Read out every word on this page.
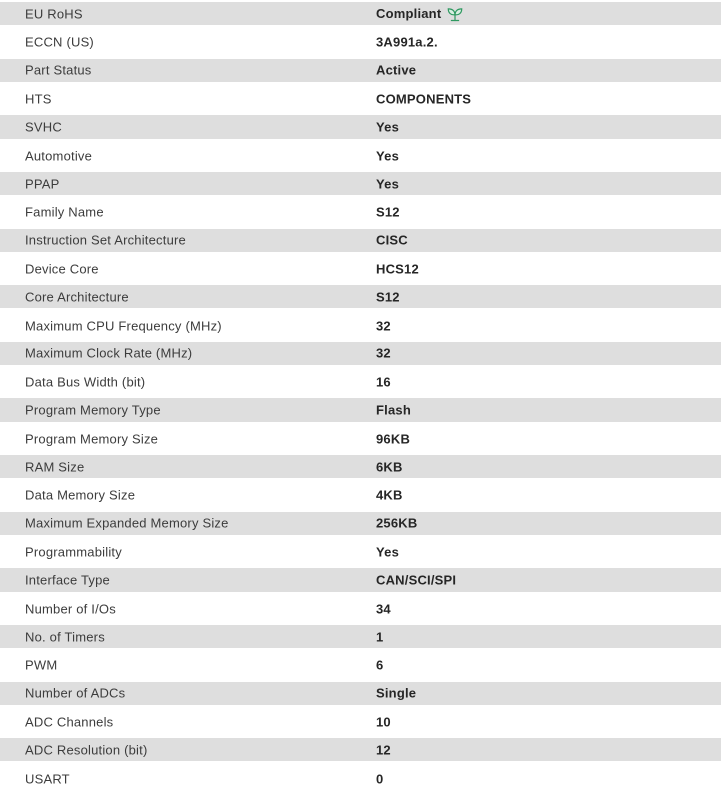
EU RoHS	Compliant
ECCN (US)	3A991a.2.
Part Status	Active
HTS	COMPONENTS
SVHC	Yes
Automotive	Yes
PPAP	Yes
Family Name	S12
Instruction Set Architecture	CISC
Device Core	HCS12
Core Architecture	S12
Maximum CPU Frequency (MHz)	32
Maximum Clock Rate (MHz)	32
Data Bus Width (bit)	16
Program Memory Type	Flash
Program Memory Size	96KB
RAM Size	6KB
Data Memory Size	4KB
Maximum Expanded Memory Size	256KB
Programmability	Yes
Interface Type	CAN/SCI/SPI
Number of I/Os	34
No. of Timers	1
PWM	6
Number of ADCs	Single
ADC Channels	10
ADC Resolution (bit)	12
USART	0
